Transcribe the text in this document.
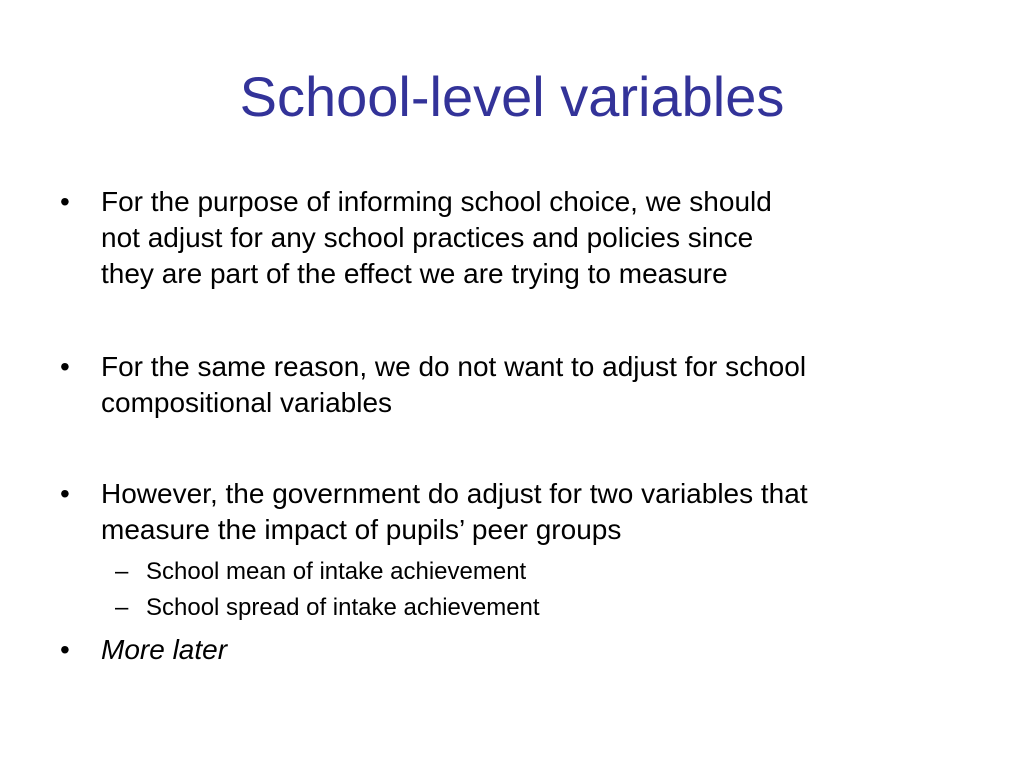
School-level variables
• For the purpose of informing school choice, we should
not adjust for any school practices and policies since
they are part of the effect we are trying to measure
• For the same reason, we do not want to adjust for school
compositional variables
• However, the government do adjust for two variables that
measure the impact of pupils’ peer groups
– School mean of intake achievement
– School spread of intake achievement
• More later
